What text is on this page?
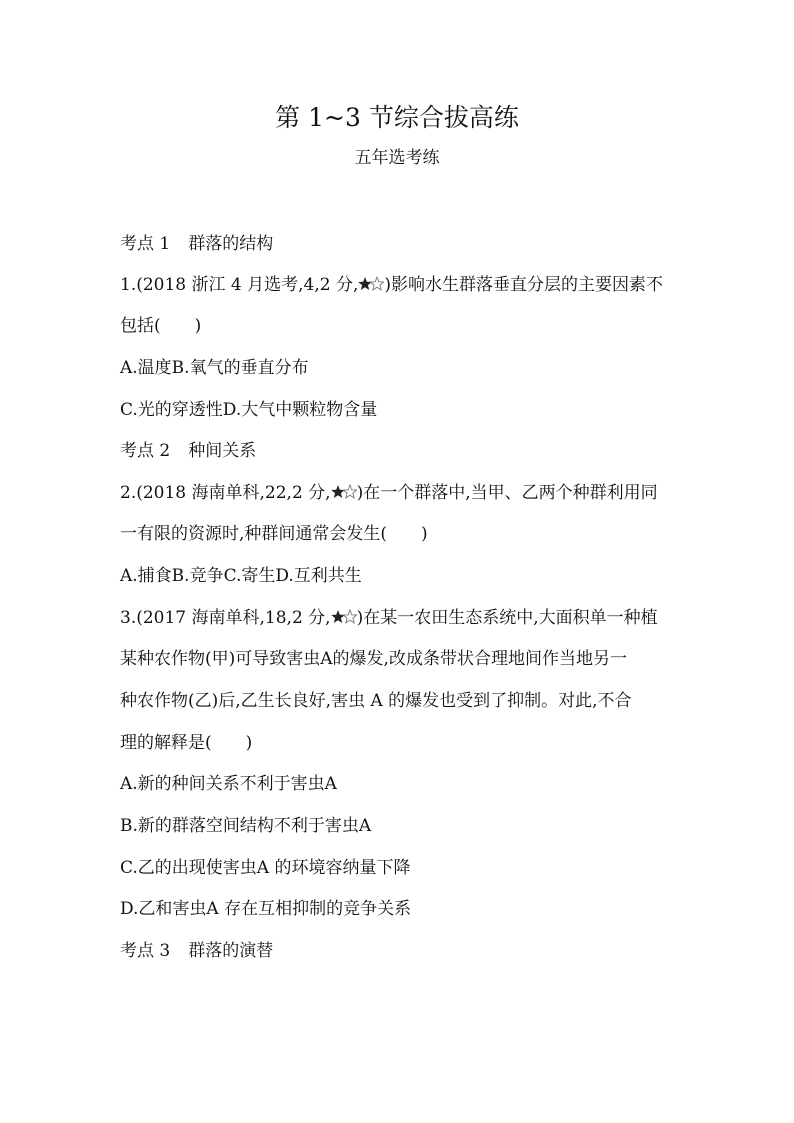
第 1~3 节综合拔高练
五年选考练
考点 1 群落的结构
1.(2018 浙江 4 月选考,4,2 分, )影响水生群落垂直分层的主要因素不
包括(　　)
A.温度B.氧气的垂直分布
C.光的穿透性D.大气中颗粒物含量
考点 2 种间关系
2.(2018 海南单科,22,2 分, )在一个群落中,当甲、乙两个种群利用同
一有限的资源时,种群间通常会发生(　　)
A.捕食B.竞争C.寄生D.互利共生
3.(2017 海南单科,18,2 分, )在某一农田生态系统中,大面积单一种植
某种农作物(甲)可导致害虫A的爆发,改成条带状合理地间作当地另一
种农作物(乙)后,乙生长良好,害虫 A 的爆发也受到了抑制。对此,不合
理的解释是(　　)
A.新的种间关系不利于害虫A
B.新的群落空间结构不利于害虫A
C.乙的出现使害虫A 的环境容纳量下降
D.乙和害虫A 存在互相抑制的竞争关系
考点 3 群落的演替
